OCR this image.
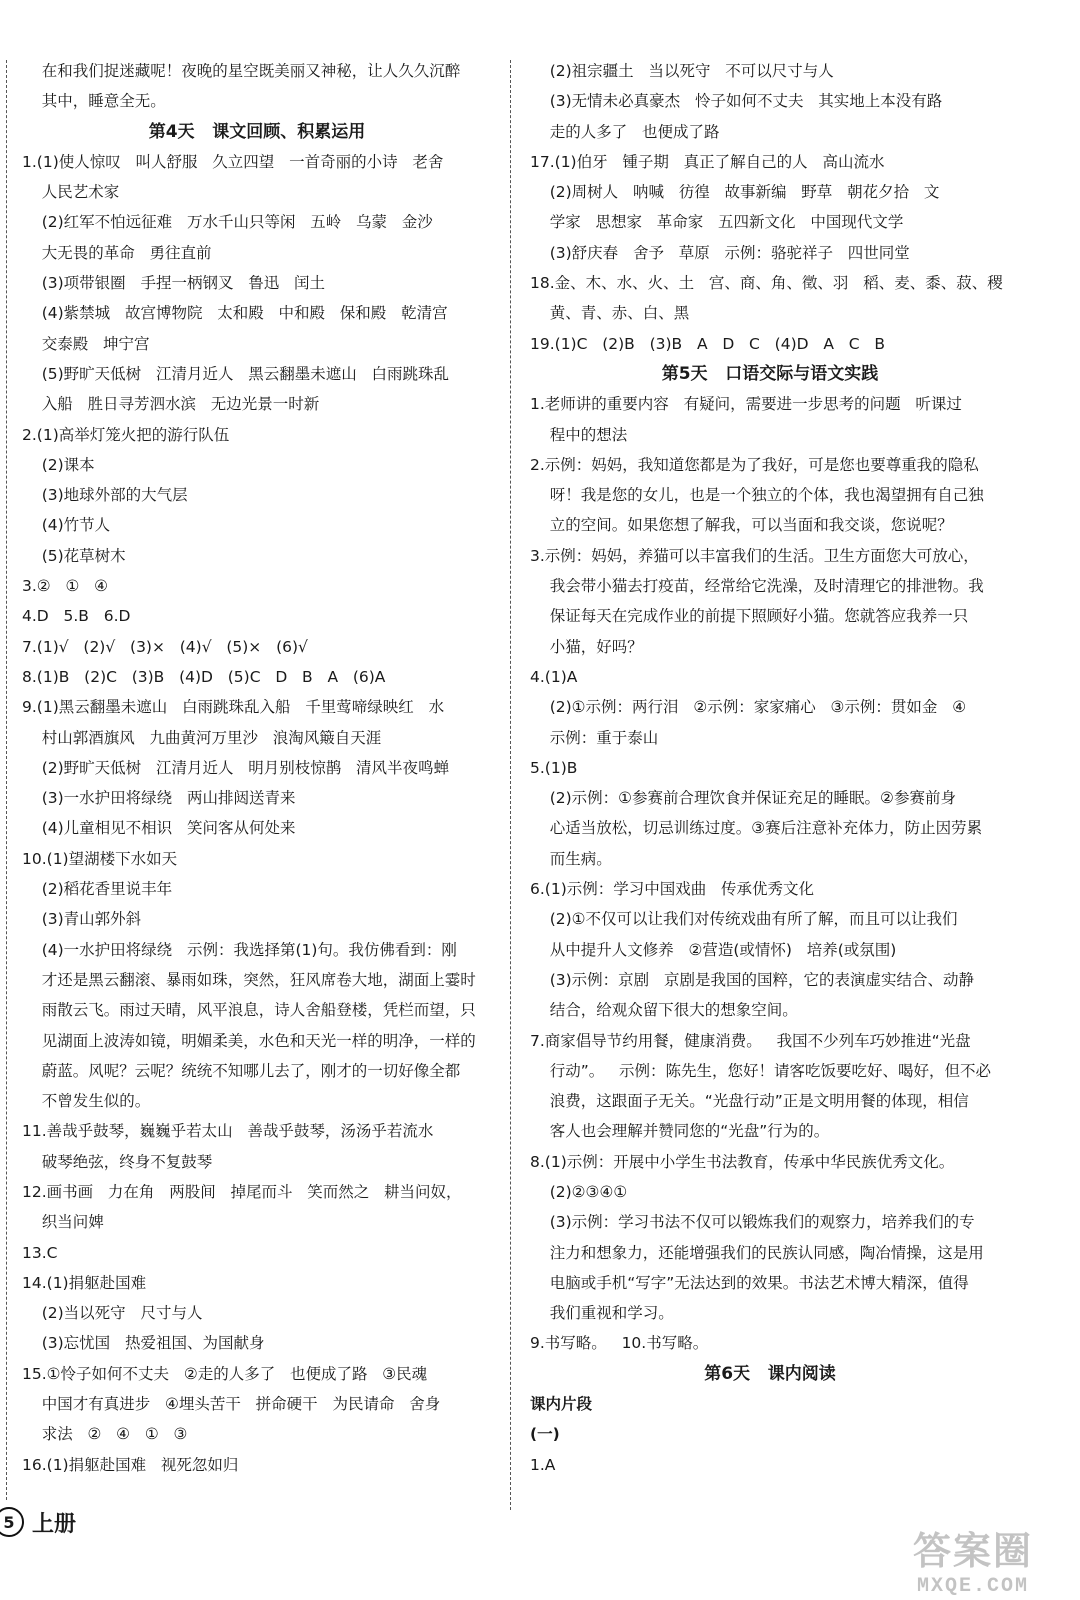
在和我们捉迷藏呢！夜晚的星空既美丽又神秘，让人久久沉醉
其中，睡意全无。
第4天   课文回顾、积累运用
1.(1)使人惊叹   叫人舒服   久立四望   一首奇丽的小诗   老舍
人民艺术家
(2)红军不怕远征难   万水千山只等闲   五岭   乌蒙   金沙
大无畏的革命   勇往直前
(3)项带银圈   手捏一柄钢叉   鲁迅   闰土
(4)紫禁城   故宫博物院   太和殿   中和殿   保和殿   乾清宫
交泰殿   坤宁宫
(5)野旷天低树   江清月近人   黑云翻墨未遮山   白雨跳珠乱
入船   胜日寻芳泗水滨   无边光景一时新
2.(1)高举灯笼火把的游行队伍
(2)课本
(3)地球外部的大气层
(4)竹节人
(5)花草树木
3.②   ①   ④
4.D   5.B   6.D
7.(1)√   (2)√   (3)×   (4)√   (5)×   (6)√
8.(1)B   (2)C   (3)B   (4)D   (5)C   D   B   A   (6)A
9.(1)黑云翻墨未遮山   白雨跳珠乱入船   千里莺啼绿映红   水
村山郭酒旗风   九曲黄河万里沙   浪淘风簸自天涯
(2)野旷天低树   江清月近人   明月别枝惊鹊   清风半夜鸣蝉
(3)一水护田将绿绕   两山排闼送青来
(4)儿童相见不相识   笑问客从何处来
10.(1)望湖楼下水如天
(2)稻花香里说丰年
(3)青山郭外斜
(4)一水护田将绿绕   示例：我选择第(1)句。我仿佛看到：刚
才还是黑云翻滚、暴雨如珠，突然，狂风席卷大地，湖面上霎时
雨散云飞。雨过天晴，风平浪息，诗人舍船登楼，凭栏而望，只
见湖面上波涛如镜，明媚柔美，水色和天光一样的明净，一样的
蔚蓝。风呢？云呢？统统不知哪儿去了，刚才的一切好像全都
不曾发生似的。
11.善哉乎鼓琴，巍巍乎若太山   善哉乎鼓琴，汤汤乎若流水
破琴绝弦，终身不复鼓琴
12.画书画   力在角   两股间   掉尾而斗   笑而然之   耕当问奴，
织当问婢
13.C
14.(1)捐躯赴国难
(2)当以死守   尺寸与人
(3)忘忧国   热爱祖国、为国献身
15.①怜子如何不丈夫   ②走的人多了   也便成了路   ③民魂
中国才有真进步   ④埋头苦干   拼命硬干   为民请命   舍身
求法   ②   ④   ①   ③
16.(1)捐躯赴国难   视死忽如归
(2)祖宗疆土   当以死守   不可以尺寸与人
(3)无情未必真豪杰   怜子如何不丈夫   其实地上本没有路
走的人多了   也便成了路
17.(1)伯牙   锺子期   真正了解自己的人   高山流水
(2)周树人   呐喊   彷徨   故事新编   野草   朝花夕拾   文
学家   思想家   革命家   五四新文化   中国现代文学
(3)舒庆春   舍予   草原   示例：骆驼祥子   四世同堂
18.金、木、水、火、土   宫、商、角、徵、羽   稻、麦、黍、菽、稷
黄、青、赤、白、黑
19.(1)C   (2)B   (3)B   A   D   C   (4)D   A   C   B
第5天   口语交际与语文实践
1.老师讲的重要内容   有疑问，需要进一步思考的问题   听课过
程中的想法
2.示例：妈妈，我知道您都是为了我好，可是您也要尊重我的隐私
呀！我是您的女儿，也是一个独立的个体，我也渴望拥有自己独
立的空间。如果您想了解我，可以当面和我交谈，您说呢？
3.示例：妈妈，养猫可以丰富我们的生活。卫生方面您大可放心，
我会带小猫去打疫苗，经常给它洗澡，及时清理它的排泄物。我
保证每天在完成作业的前提下照顾好小猫。您就答应我养一只
小猫，好吗？
4.(1)A
(2)①示例：两行泪   ②示例：家家痛心   ③示例：贯如金   ④
示例：重于泰山
5.(1)B
(2)示例：①参赛前合理饮食并保证充足的睡眠。②参赛前身
心适当放松，切忌训练过度。③赛后注意补充体力，防止因劳累
而生病。
6.(1)示例：学习中国戏曲   传承优秀文化
(2)①不仅可以让我们对传统戏曲有所了解，而且可以让我们
从中提升人文修养   ②营造(或情怀)   培养(或氛围)
(3)示例：京剧   京剧是我国的国粹，它的表演虚实结合、动静
结合，给观众留下很大的想象空间。
7.商家倡导节约用餐，健康消费。   我国不少列车巧妙推进“光盘
行动”。   示例：陈先生，您好！请客吃饭要吃好、喝好，但不必
浪费，这跟面子无关。“光盘行动”正是文明用餐的体现，相信
客人也会理解并赞同您的“光盘”行为的。
8.(1)示例：开展中小学生书法教育，传承中华民族优秀文化。
(2)②③④①
(3)示例：学习书法不仅可以锻炼我们的观察力，培养我们的专
注力和想象力，还能增强我们的民族认同感，陶冶情操，这是用
电脑或手机“写字”无法达到的效果。书法艺术博大精深，值得
我们重视和学习。
9.书写略。   10.书写略。
第6天   课内阅读
课内片段
(一)
1.A
5 上册
答案圈
MXQE.COM
